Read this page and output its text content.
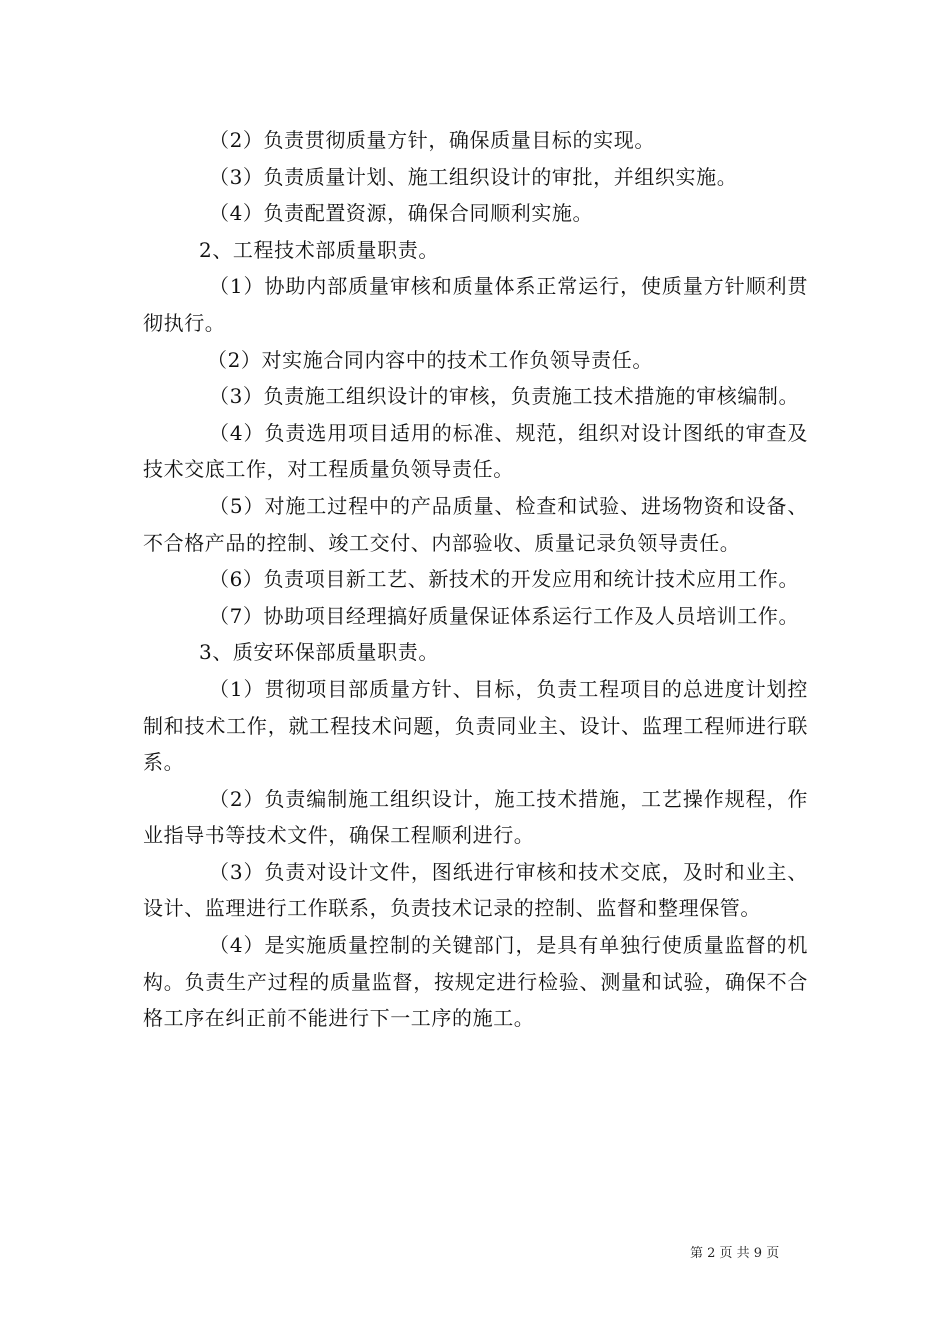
（2）负责贯彻质量方针，确保质量目标的实现。

（3）负责质量计划、施工组织设计的审批，并组织实施。

（4）负责配置资源，确保合同顺利实施。

2、工程技术部质量职责。

（1）协助内部质量审核和质量体系正常运行，使质量方针顺利贯彻执行。

（2）对实施合同内容中的技术工作负领导责任。

（3）负责施工组织设计的审核，负责施工技术措施的审核编制。

（4）负责选用项目适用的标准、规范，组织对设计图纸的审查及技术交底工作，对工程质量负领导责任。

（5）对施工过程中的产品质量、检查和试验、进场物资和设备、不合格产品的控制、竣工交付、内部验收、质量记录负领导责任。

（6）负责项目新工艺、新技术的开发应用和统计技术应用工作。

（7）协助项目经理搞好质量保证体系运行工作及人员培训工作。

3、质安环保部质量职责。

（1）贯彻项目部质量方针、目标，负责工程项目的总进度计划控制和技术工作，就工程技术问题，负责同业主、设计、监理工程师进行联系。

（2）负责编制施工组织设计，施工技术措施，工艺操作规程，作业指导书等技术文件，确保工程顺利进行。

（3）负责对设计文件，图纸进行审核和技术交底，及时和业主、设计、监理进行工作联系，负责技术记录的控制、监督和整理保管。

（4）是实施质量控制的关键部门，是具有单独行使质量监督的机构。负责生产过程的质量监督，按规定进行检验、测量和试验，确保不合格工序在纠正前不能进行下一工序的施工。

第 2 页 共 9 页
